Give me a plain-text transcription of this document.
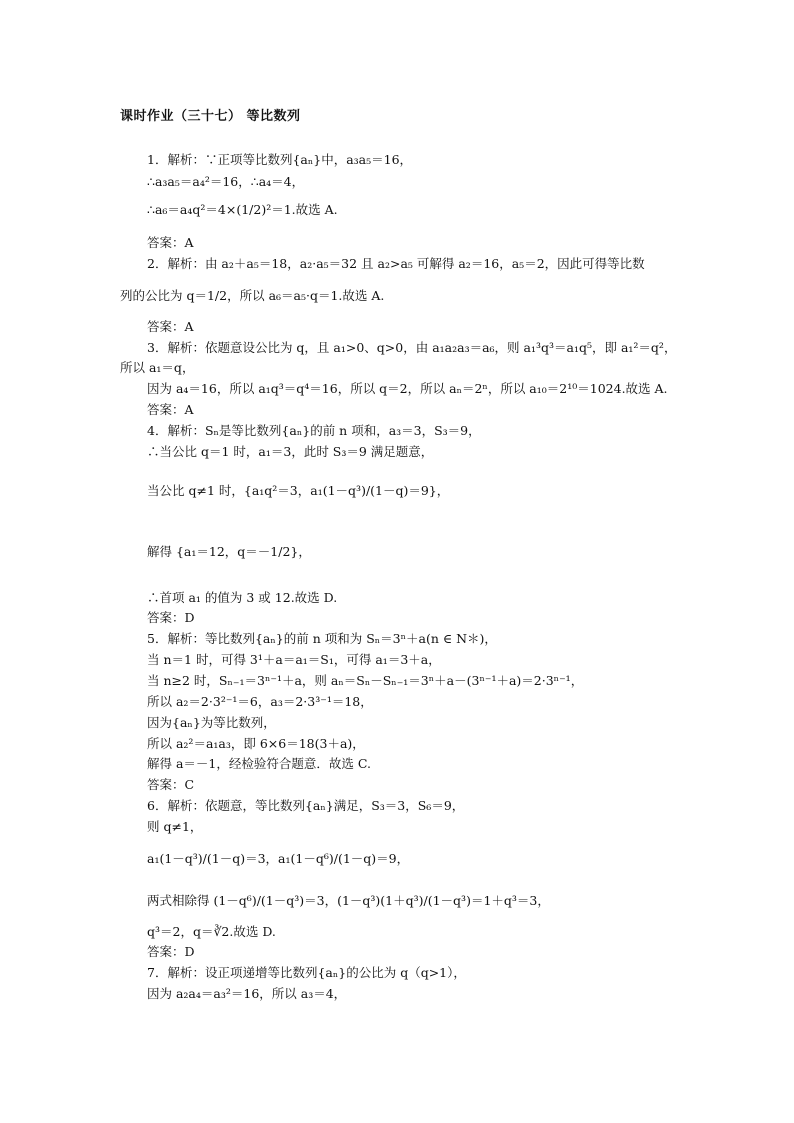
课时作业（三十七） 等比数列
1．解析：∵正项等比数列{aₙ}中，a₃a₅＝16，
∴a₃a₅＝a₄²＝16，∴a₄＝4，
∴a₆＝a₄q²＝4×(1/2)²＝1.故选 A.
答案：A
2．解析：由 a₂＋a₅＝18，a₂·a₅＝32 且 a₂>a₅ 可解得 a₂＝16，a₅＝2，因此可得等比数
列的公比为 q＝1/2，所以 a₆＝a₅·q＝1.故选 A.
答案：A
3．解析：依题意设公比为 q，且 a₁>0、q>0，由 a₁a₂a₃＝a₆，则 a₁³q³＝a₁q⁵，即 a₁²＝q²，
所以 a₁＝q，
因为 a₄＝16，所以 a₁q³＝q⁴＝16，所以 q＝2，所以 aₙ＝2ⁿ，所以 a₁₀＝2¹⁰＝1024.故选 A.
答案：A
4．解析：Sₙ是等比数列{aₙ}的前 n 项和，a₃＝3，S₃＝9，
∴当公比 q＝1 时，a₁＝3，此时 S₃＝9 满足题意，
当公比 q≠1 时，{a₁q²＝3，a₁(1－q³)/(1－q)＝9}，
解得 {a₁＝12，q＝－1/2}，
∴首项 a₁ 的值为 3 或 12.故选 D.
答案：D
5．解析：等比数列{aₙ}的前 n 项和为 Sₙ＝3ⁿ＋a(n ∈ N＊)，
当 n＝1 时，可得 3¹＋a＝a₁＝S₁，可得 a₁＝3＋a，
当 n≥2 时，Sₙ₋₁＝3ⁿ⁻¹＋a，则 aₙ＝Sₙ－Sₙ₋₁＝3ⁿ＋a－(3ⁿ⁻¹＋a)＝2·3ⁿ⁻¹，
所以 a₂＝2·3²⁻¹＝6，a₃＝2·3³⁻¹＝18，
因为{aₙ}为等比数列，
所以 a₂²＝a₁a₃，即 6×6＝18(3＋a)，
解得 a＝－1，经检验符合题意．故选 C.
答案：C
6．解析：依题意，等比数列{aₙ}满足，S₃＝3，S₆＝9，
则 q≠1，
a₁(1－q³)/(1－q)＝3，a₁(1－q⁶)/(1－q)＝9，
两式相除得 (1－q⁶)/(1－q³)＝3，(1－q³)(1＋q³)/(1－q³)＝1＋q³＝3，
q³＝2，q＝∛2.故选 D.
答案：D
7．解析：设正项递增等比数列{aₙ}的公比为 q（q>1），
因为 a₂a₄＝a₃²＝16，所以 a₃＝4，
